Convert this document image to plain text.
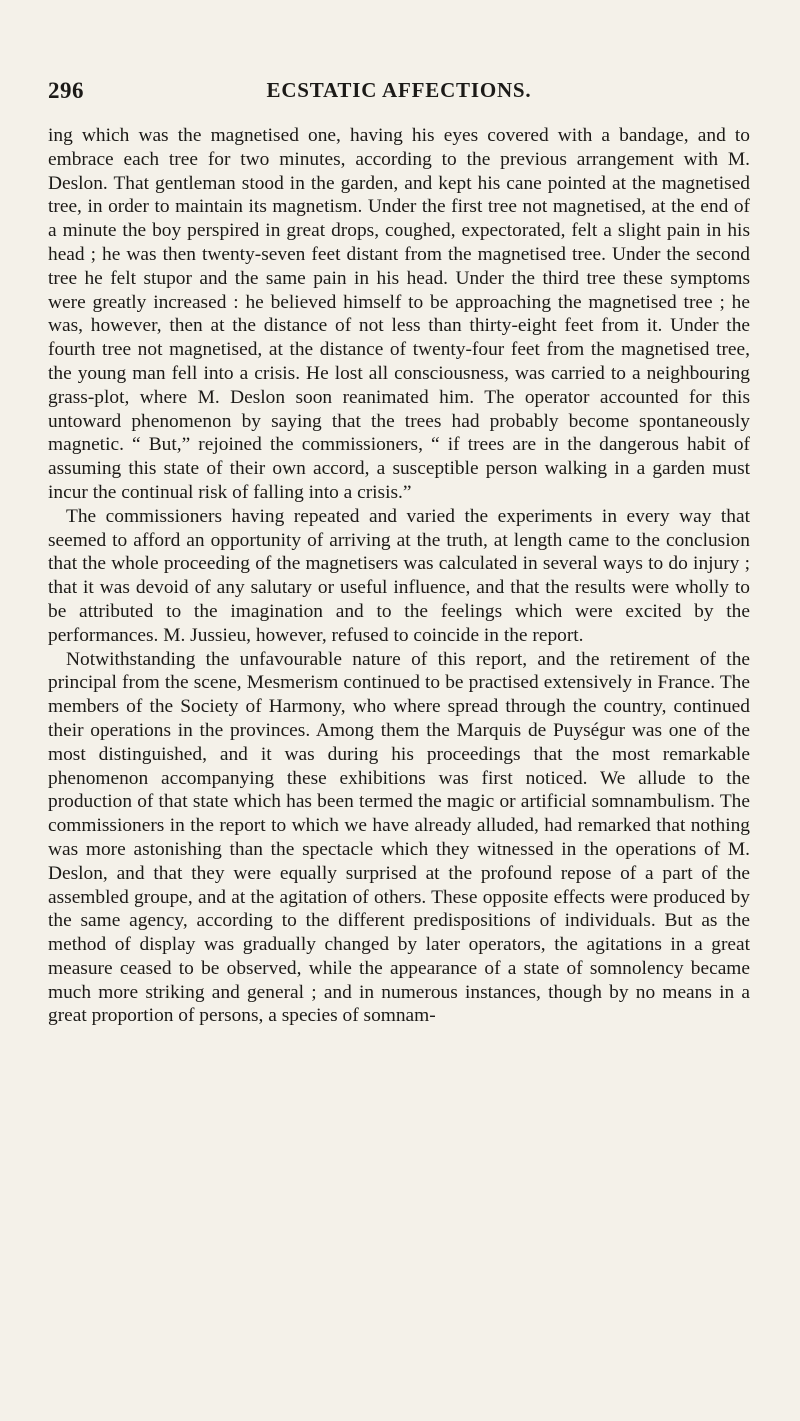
296	ECSTATIC AFFECTIONS.

ing which was the magnetised one, having his eyes covered with a bandage, and to embrace each tree for two minutes, according to the previous arrangement with M. Deslon. That gentleman stood in the garden, and kept his cane pointed at the magnetised tree, in order to maintain its magnetism. Under the first tree not magnetised, at the end of a minute the boy perspired in great drops, coughed, expectorated, felt a slight pain in his head ; he was then twenty-seven feet distant from the magnetised tree. Under the second tree he felt stupor and the same pain in his head. Under the third tree these symptoms were greatly increased : he believed himself to be approaching the magnetised tree ; he was, however, then at the distance of not less than thirty-eight feet from it. Under the fourth tree not magnetised, at the distance of twenty-four feet from the magnetised tree, the young man fell into a crisis. He lost all consciousness, was carried to a neighbouring grass-plot, where M. Deslon soon reanimated him. The operator accounted for this untoward phenomenon by saying that the trees had probably become spontaneously magnetic. “ But,” rejoined the commissioners, “ if trees are in the dangerous habit of assuming this state of their own accord, a susceptible person walking in a garden must incur the continual risk of falling into a crisis.”

The commissioners having repeated and varied the experiments in every way that seemed to afford an opportunity of arriving at the truth, at length came to the conclusion that the whole proceeding of the magnetisers was calculated in several ways to do injury ; that it was devoid of any salutary or useful influence, and that the results were wholly to be attributed to the imagination and to the feelings which were excited by the performances. M. Jussieu, however, refused to coincide in the report.

Notwithstanding the unfavourable nature of this report, and the retirement of the principal from the scene, Mesmerism continued to be practised extensively in France. The members of the Society of Harmony, who where spread through the country, continued their operations in the provinces. Among them the Marquis de Puységur was one of the most distinguished, and it was during his proceedings that the most remarkable phenomenon accompanying these exhibitions was first noticed. We allude to the production of that state which has been termed the magic or artificial somnambulism. The commissioners in the report to which we have already alluded, had remarked that nothing was more astonishing than the spectacle which they witnessed in the operations of M. Deslon, and that they were equally surprised at the profound repose of a part of the assembled groupe, and at the agitation of others. These opposite effects were produced by the same agency, according to the different predispositions of individuals. But as the method of display was gradually changed by later operators, the agitations in a great measure ceased to be observed, while the appearance of a state of somnolency became much more striking and general ; and in numerous instances, though by no means in a great proportion of persons, a species of somnam-
